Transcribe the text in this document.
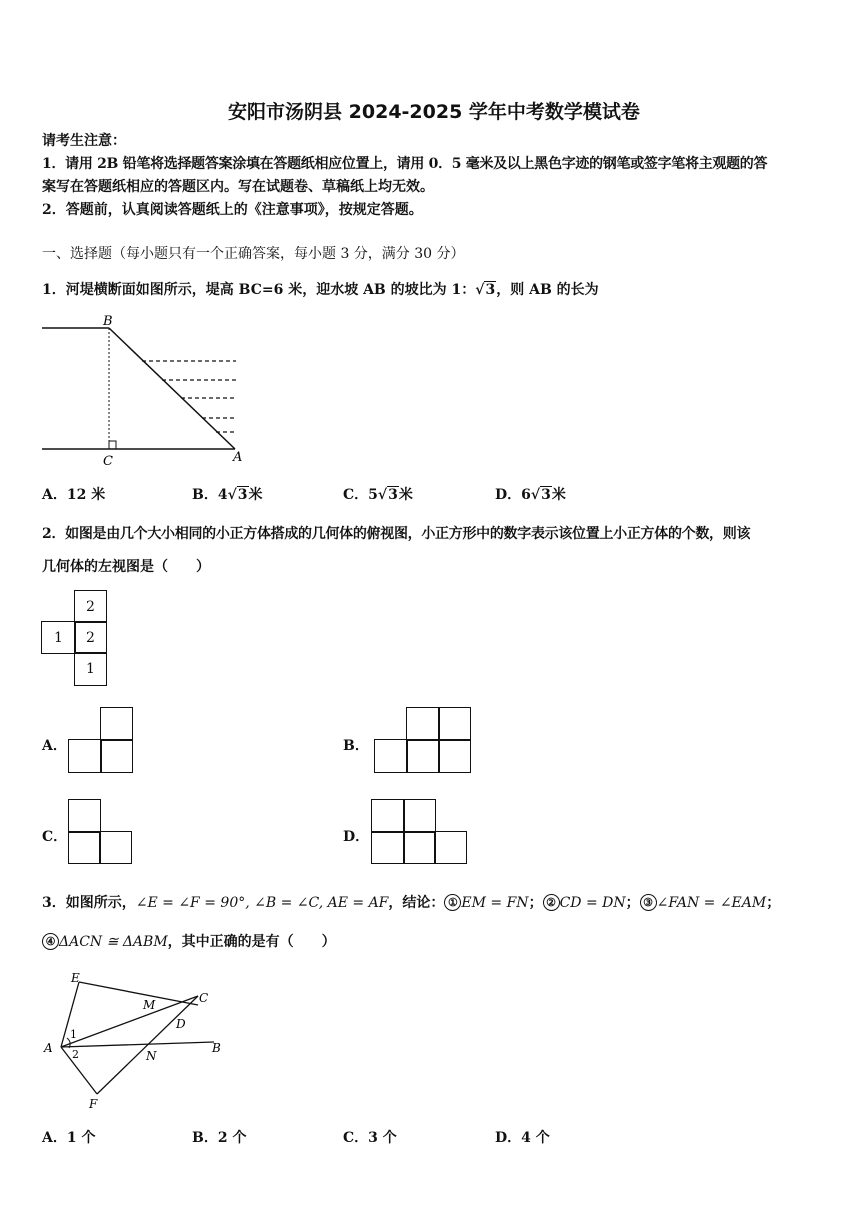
安阳市汤阴县 2024-2025 学年中考数学模试卷
请考生注意：
1．请用 2B 铅笔将选择题答案涂填在答题纸相应位置上，请用 0．5 毫米及以上黑色字迹的钢笔或签字笔将主观题的答
案写在答题纸相应的答题区内。写在试题卷、草稿纸上均无效。
2．答题前，认真阅读答题纸上的《注意事项》，按规定答题。
一、选择题（每小题只有一个正确答案，每小题 3 分，满分 30 分）
1．河堤横断面如图所示，堤高 BC=6 米，迎水坡 AB 的坡比为 1：√3，则 AB 的长为
B
C	A
A．12 米	B．4√3米	C．5√3米	D．6√3米
2．如图是由几个大小相同的小正方体搭成的几何体的俯视图，小正方形中的数字表示该位置上小正方体的个数，则该
几何体的左视图是（　　）
2
1	2
1
A．	B．
C．	D．
3．如图所示，∠E = ∠F = 90°, ∠B = ∠C, AE = AF，结论： ① EM = FN； ② CD = DN； ③ ∠FAN = ∠EAM；
④ ΔACN ≅ ΔABM，其中正确的是有（　　）
E
M	C
D
A
1
2	N
B
F
A．1 个	B．2 个	C．3 个	D．4 个
